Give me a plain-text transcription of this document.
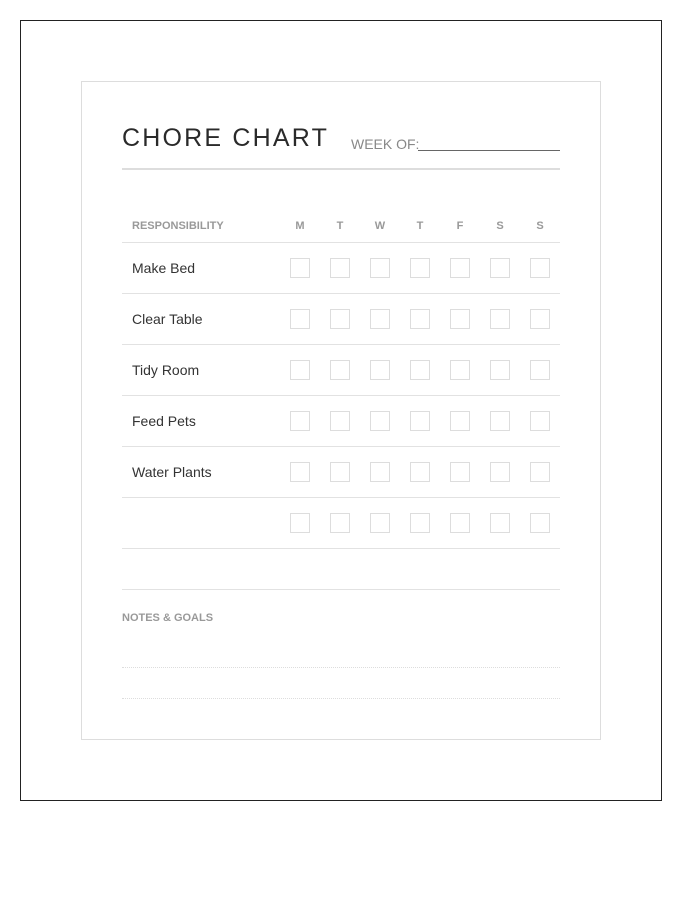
CHORE CHART WEEK OF:
RESPONSIBILITY	M	T	W	T	F	S	S
Make Bed
Clear Table
Tidy Room
Feed Pets
Water Plants
NOTES & GOALS
